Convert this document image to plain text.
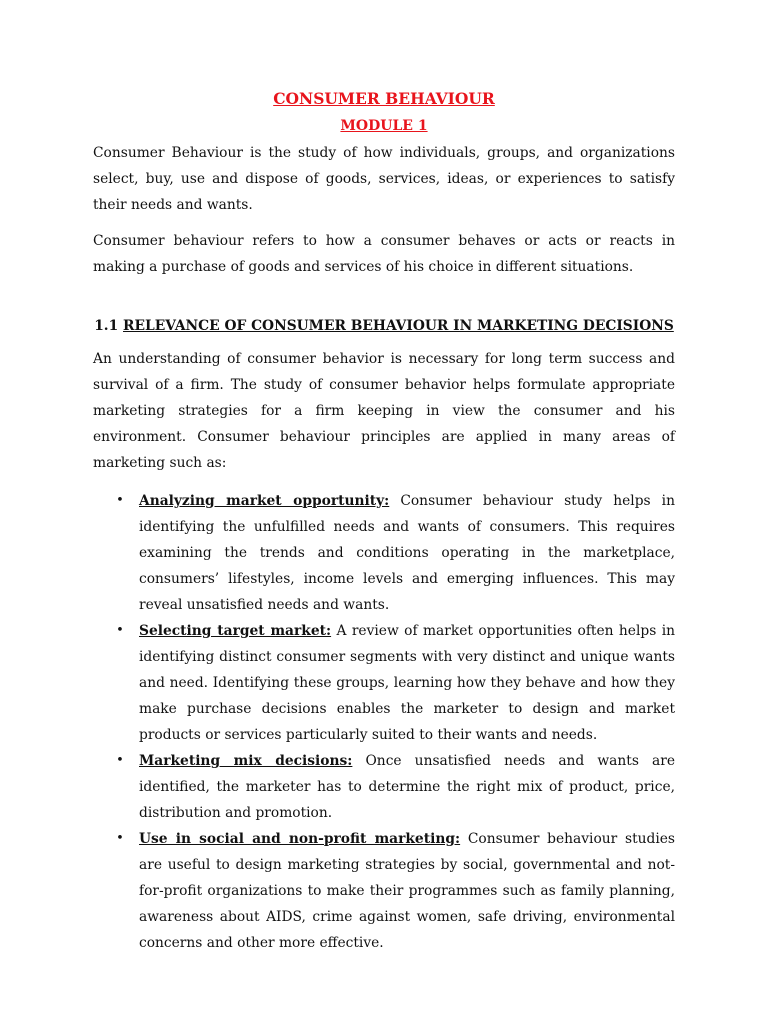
CONSUMER BEHAVIOUR
MODULE 1

Consumer Behaviour is the study of how individuals, groups, and organizations select, buy, use and dispose of goods, services, ideas, or experiences to satisfy their needs and wants.

Consumer behaviour refers to how a consumer behaves or acts or reacts in making a purchase of goods and services of his choice in different situations.

1.1 RELEVANCE OF CONSUMER BEHAVIOUR IN MARKETING DECISIONS

An understanding of consumer behavior is necessary for long term success and survival of a firm. The study of consumer behavior helps formulate appropriate marketing strategies for a firm keeping in view the consumer and his environment. Consumer behaviour principles are applied in many areas of marketing such as:

• Analyzing market opportunity: Consumer behaviour study helps in identifying the unfulfilled needs and wants of consumers. This requires examining the trends and conditions operating in the marketplace, consumers’ lifestyles, income levels and emerging influences. This may reveal unsatisfied needs and wants.
• Selecting target market: A review of market opportunities often helps in identifying distinct consumer segments with very distinct and unique wants and need. Identifying these groups, learning how they behave and how they make purchase decisions enables the marketer to design and market products or services particularly suited to their wants and needs.
• Marketing mix decisions: Once unsatisfied needs and wants are identified, the marketer has to determine the right mix of product, price, distribution and promotion.
• Use in social and non-profit marketing: Consumer behaviour studies are useful to design marketing strategies by social, governmental and not-for-profit organizations to make their programmes such as family planning, awareness about AIDS, crime against women, safe driving, environmental concerns and other more effective.
